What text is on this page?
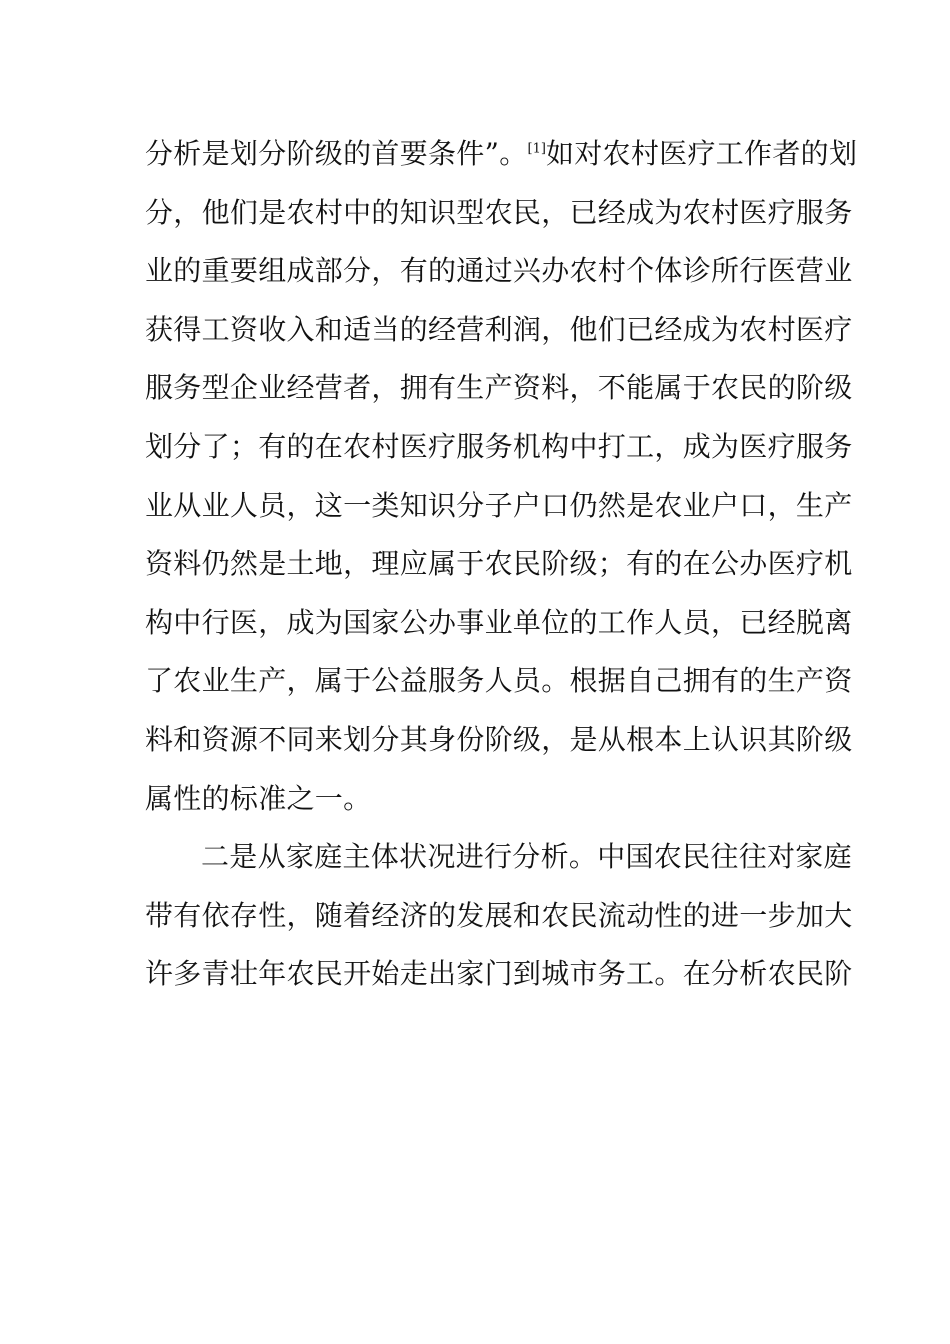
分析是划分阶级的首要条件”。[1]如对农村医疗工作者的划
分，他们是农村中的知识型农民，已经成为农村医疗服务
业的重要组成部分，有的通过兴办农村个体诊所行医营业
获得工资收入和适当的经营利润，他们已经成为农村医疗
服务型企业经营者，拥有生产资料，不能属于农民的阶级
划分了；有的在农村医疗服务机构中打工，成为医疗服务
业从业人员，这一类知识分子户口仍然是农业户口，生产
资料仍然是土地，理应属于农民阶级；有的在公办医疗机
构中行医，成为国家公办事业单位的工作人员，已经脱离
了农业生产，属于公益服务人员。根据自己拥有的生产资
料和资源不同来划分其身份阶级，是从根本上认识其阶级
属性的标准之一。
二是从家庭主体状况进行分析。中国农民往往对家庭
带有依存性，随着经济的发展和农民流动性的进一步加大
许多青壮年农民开始走出家门到城市务工。在分析农民阶
